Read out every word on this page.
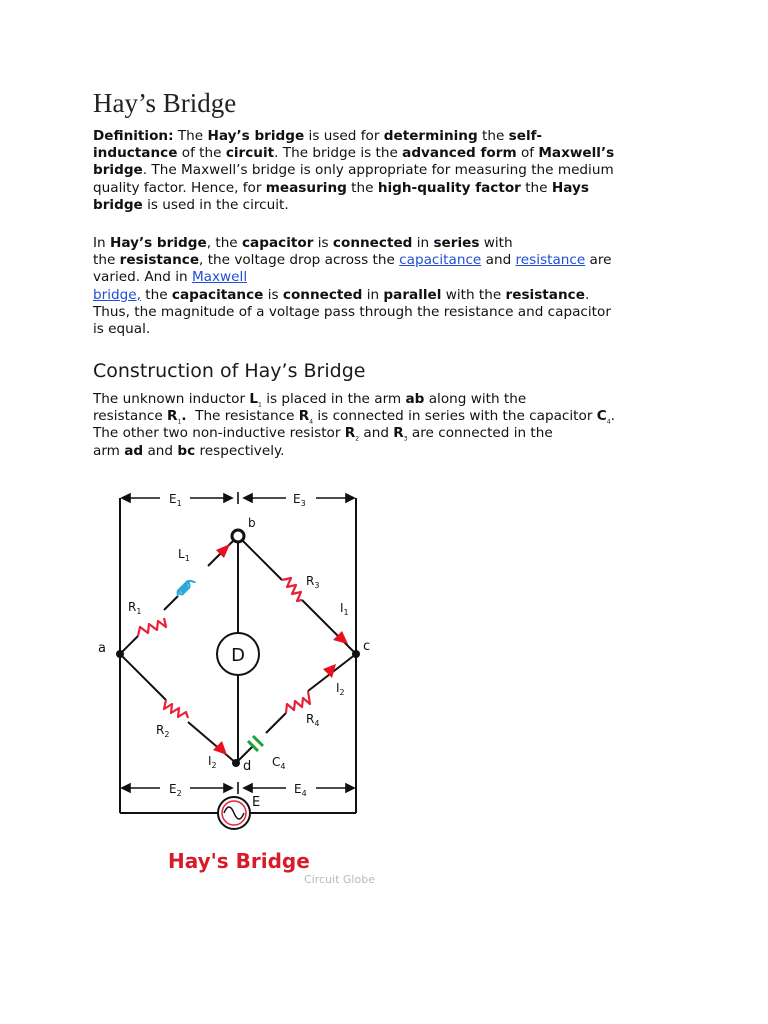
Hay’s Bridge

Definition: The Hay’s bridge is used for determining the self-
inductance of the circuit. The bridge is the advanced form of Maxwell’s
bridge. The Maxwell’s bridge is only appropriate for measuring the medium
quality factor. Hence, for measuring the high-quality factor the Hays
bridge is used in the circuit.

In Hay’s bridge, the capacitor is connected in series with
the resistance, the voltage drop across the capacitance and resistance are
varied. And in Maxwell
bridge, the capacitance is connected in parallel with the resistance.
Thus, the magnitude of a voltage pass through the resistance and capacitor
is equal.

Construction of Hay’s Bridge

The unknown inductor $L_1$ is placed in the arm ab along with the
resistance $R_1$.  The resistance $R_4$ is connected in series with the capacitor $C_4$.
The other two non-inductive resistor $R_2$ and $R_3$ are connected in the
arm ad and bc respectively.

D
$E_1$	$E_3$
$E_2$	$E_4$
b
a	c
d
$L_1$
$R_1$
$R_2$
$R_3$
$R_4$
$I_1$
$I_2$
$I_2$	$C_4$
E
Hay's Bridge
Circuit Globe
